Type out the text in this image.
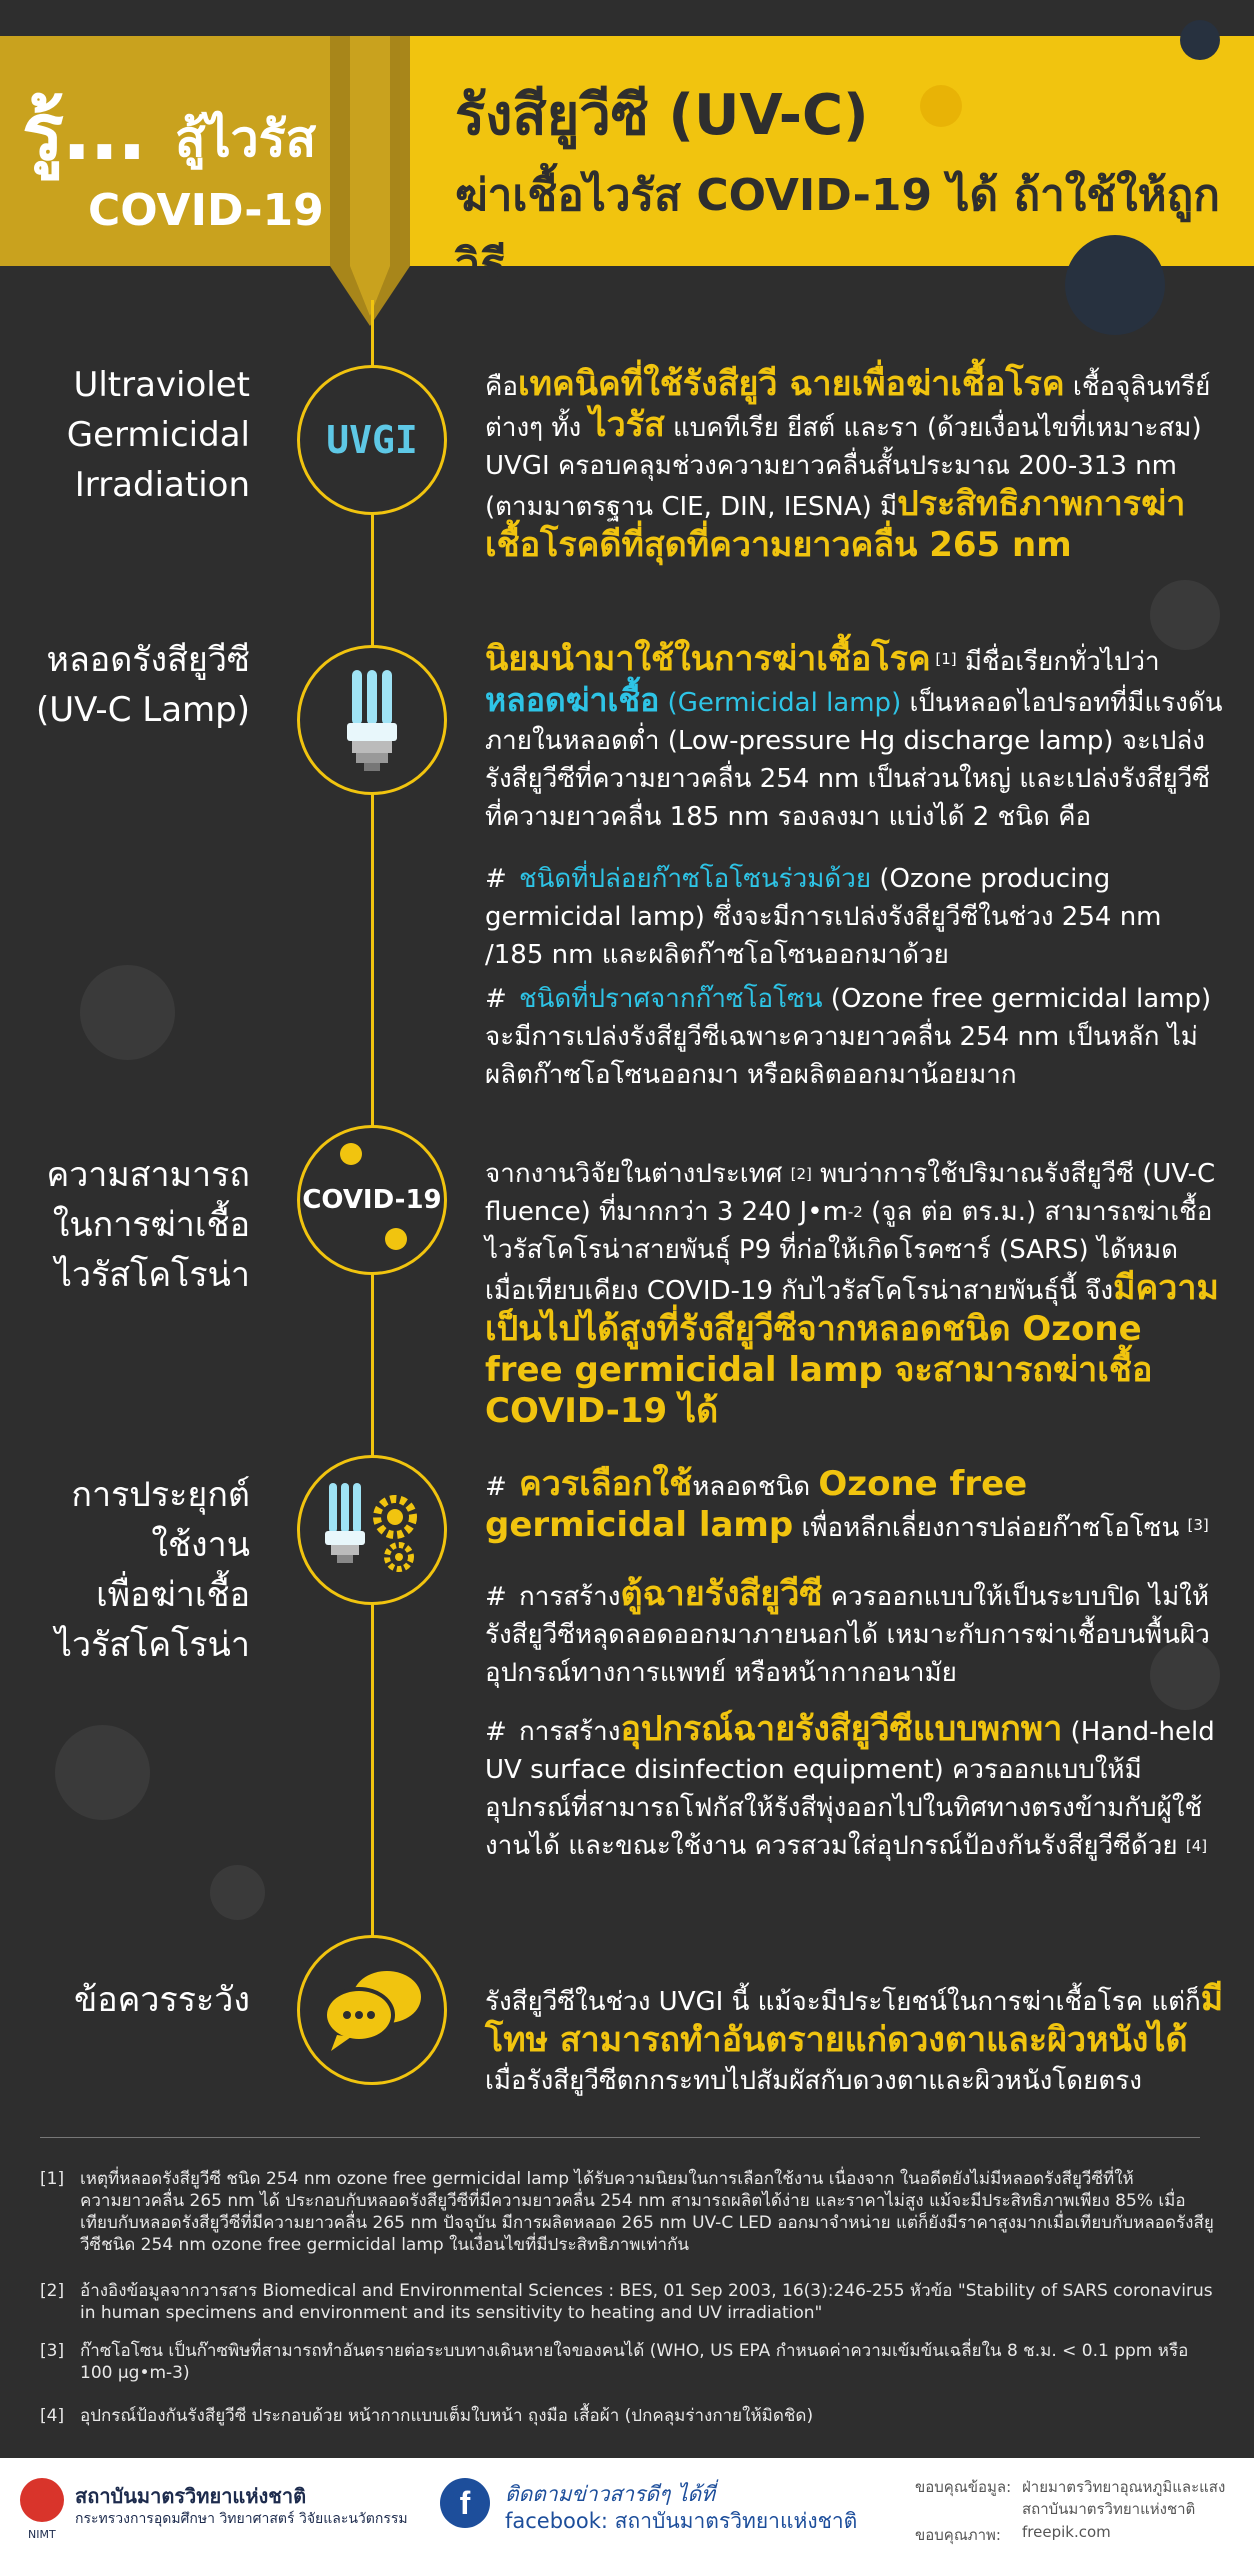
รู้... สู้ไวรัส
COVID-19
รังสียูวีซี (UV-C)
ฆ่าเชื้อไวรัส COVID-19 ได้ ถ้าใช้ให้ถูกวิธี
Ultraviolet
Germicidal
Irradiation
UVGI
คือเทคนิคที่ใช้รังสียูวี ฉายเพื่อฆ่าเชื้อโรค เชื้อจุลินทรีย์ต่างๆ ทั้ง ไวรัส แบคทีเรีย ยีสต์ และรา (ด้วยเงื่อนไขที่เหมาะสม) UVGI ครอบคลุมช่วงความยาวคลื่นสั้นประมาณ 200-313 nm (ตามมาตรฐาน CIE, DIN, IESNA) มีประสิทธิภาพการฆ่าเชื้อโรคดีที่สุดที่ความยาวคลื่น 265 nm
หลอดรังสียูวีซี
(UV-C Lamp)
นิยมนำมาใช้ในการฆ่าเชื้อโรค [1] มีชื่อเรียกทั่วไปว่า หลอดฆ่าเชื้อ (Germicidal lamp) เป็นหลอดไอปรอทที่มีแรงดันภายในหลอดต่ำ (Low-pressure Hg discharge lamp) จะเปล่งรังสียูวีซีที่ความยาวคลื่น 254 nm เป็นส่วนใหญ่ และเปล่งรังสียูวีซีที่ความยาวคลื่น 185 nm รองลงมา แบ่งได้ 2 ชนิด คือ
# ชนิดที่ปล่อยก๊าซโอโซนร่วมด้วย (Ozone producing germicidal lamp) ซึ่งจะมีการเปล่งรังสียูวีซีในช่วง 254 nm /185 nm และผลิตก๊าซโอโซนออกมาด้วย
# ชนิดที่ปราศจากก๊าซโอโซน (Ozone free germicidal lamp) จะมีการเปล่งรังสียูวีซีเฉพาะความยาวคลื่น 254 nm เป็นหลัก ไม่ผลิตก๊าซโอโซนออกมา หรือผลิตออกมาน้อยมาก
ความสามารถ
ในการฆ่าเชื้อ
ไวรัสโคโรน่า
COVID-19
จากงานวิจัยในต่างประเทศ [2] พบว่าการใช้ปริมาณรังสียูวีซี (UV-C fluence) ที่มากกว่า 3 240 $J•m^{-2}$ (จูล ต่อ ตร.ม.) สามารถฆ่าเชื้อไวรัสโคโรน่าสายพันธุ์ P9 ที่ก่อให้เกิดโรคซาร์ (SARS) ได้หมด เมื่อเทียบเคียง COVID-19 กับไวรัสโคโรน่าสายพันธุ์นี้ จึงมีความเป็นไปได้สูงที่รังสียูวีซีจากหลอดชนิด Ozone free germicidal lamp จะสามารถฆ่าเชื้อ COVID-19 ได้
การประยุกต์
ใช้งาน
เพื่อฆ่าเชื้อ
ไวรัสโคโรน่า
# ควรเลือกใช้หลอดชนิด Ozone free germicidal lamp เพื่อหลีกเลี่ยงการปล่อยก๊าซโอโซน [3]
# การสร้างตู้ฉายรังสียูวีซี ควรออกแบบให้เป็นระบบปิด ไม่ให้รังสียูวีซีหลุดลอดออกมาภายนอกได้ เหมาะกับการฆ่าเชื้อบนพื้นผิวอุปกรณ์ทางการแพทย์ หรือหน้ากากอนามัย
# การสร้างอุปกรณ์ฉายรังสียูวีซีแบบพกพา (Hand-held UV surface disinfection equipment) ควรออกแบบให้มีอุปกรณ์ที่สามารถโฟกัสให้รังสีพุ่งออกไปในทิศทางตรงข้ามกับผู้ใช้งานได้ และขณะใช้งาน ควรสวมใส่อุปกรณ์ป้องกันรังสียูวีซีด้วย [4]
ข้อควรระวัง	รังสียูวีซีในช่วง UVGI นี้ แม้จะมีประโยชน์ในการฆ่าเชื้อโรค แต่ก็มีโทษ สามารถทำอันตรายแก่ดวงตาและผิวหนังได้ เมื่อรังสียูวีซีตกกระทบไปสัมผัสกับดวงตาและผิวหนังโดยตรง
[1] เหตุที่หลอดรังสียูวีซี ชนิด 254 nm ozone free germicidal lamp ได้รับความนิยมในการเลือกใช้งาน เนื่องจาก ในอดีตยังไม่มีหลอดรังสียูวีซีที่ให้ความยาวคลื่น 265 nm ได้ ประกอบกับหลอดรังสียูวีซีที่มีความยาวคลื่น 254 nm สามารถผลิตได้ง่าย และราคาไม่สูง แม้จะมีประสิทธิภาพเพียง 85% เมื่อเทียบกับหลอดรังสียูวีซีที่มีความยาวคลื่น 265 nm ปัจจุบัน มีการผลิตหลอด 265 nm UV-C LED ออกมาจำหน่าย แต่ก็ยังมีราคาสูงมากเมื่อเทียบกับหลอดรังสียูวีซีชนิด 254 nm ozone free germicidal lamp ในเงื่อนไขที่มีประสิทธิภาพเท่ากัน
[2] อ้างอิงข้อมูลจากวารสาร Biomedical and Environmental Sciences : BES, 01 Sep 2003, 16(3):246-255 หัวข้อ "Stability of SARS coronavirus in human specimens and environment and its sensitivity to heating and UV irradiation"
[3] ก๊าซโอโซน เป็นก๊าซพิษที่สามารถทำอันตรายต่อระบบทางเดินหายใจของคนได้ (WHO, US EPA กำหนดค่าความเข้มข้นเฉลี่ยใน 8 ช.ม. < 0.1 ppm หรือ 100 µg•m-3)
[4] อุปกรณ์ป้องกันรังสียูวีซี ประกอบด้วย หน้ากากแบบเต็มใบหน้า ถุงมือ เสื้อผ้า (ปกคลุมร่างกายให้มิดชิด)
NIMT
สถาบันมาตรวิทยาแห่งชาติ
กระทรวงการอุดมศึกษา วิทยาศาสตร์ วิจัยและนวัตกรรม	f	ติดตามข่าวสารดีๆ ได้ที่
facebook: สถาบันมาตรวิทยาแห่งชาติ
ขอบคุณข้อมูล: ฝ่ายมาตรวิทยาอุณหภูมิและแสง
สถาบันมาตรวิทยาแห่งชาติ
ขอบคุณภาพ: freepik.com
